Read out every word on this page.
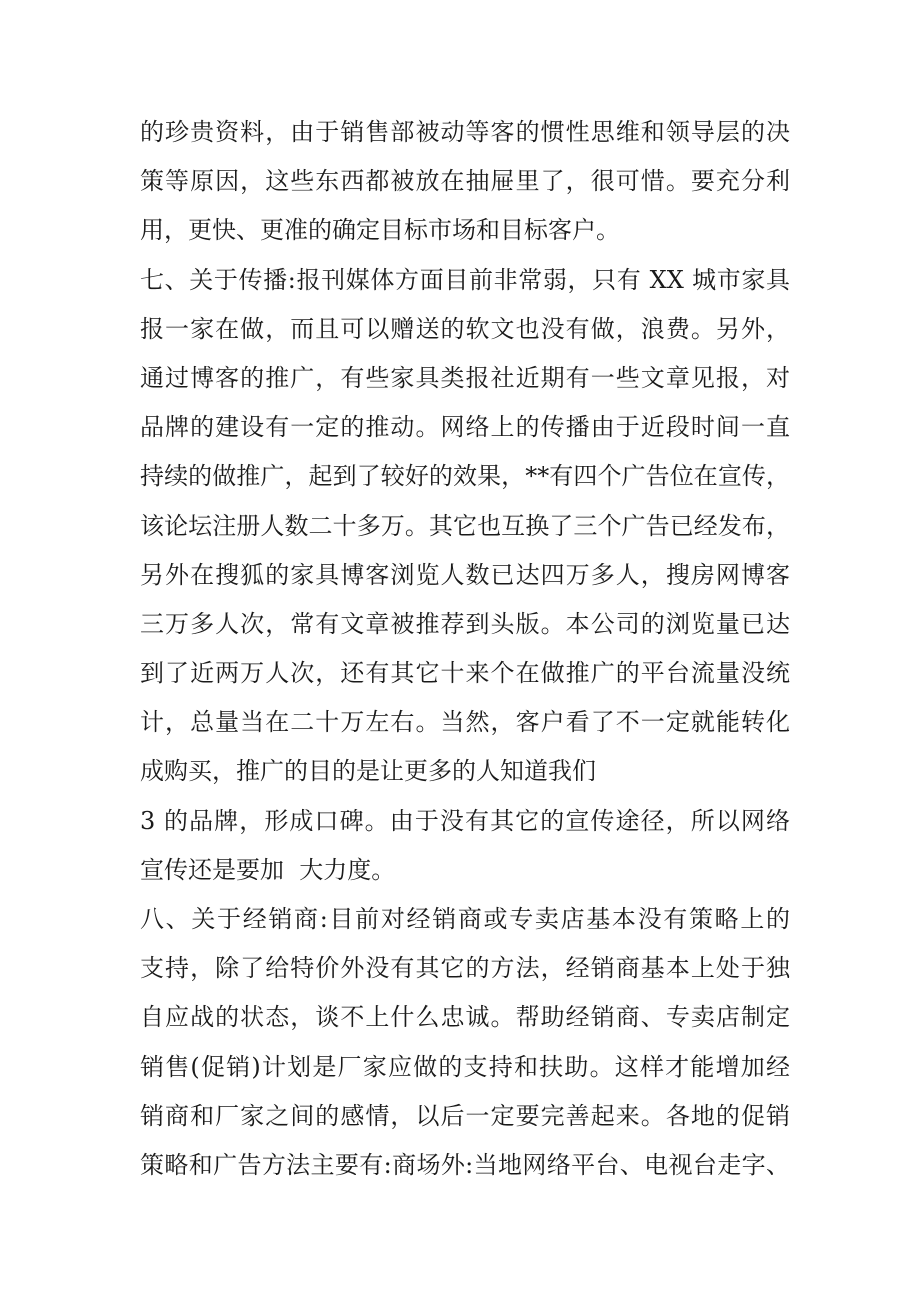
的珍贵资料，由于销售部被动等客的惯性思维和领导层的决
策等原因，这些东西都被放在抽屉里了，很可惜。要充分利
用，更快、更准的确定目标市场和目标客户。
七、关于传播:报刊媒体方面目前非常弱，只有 XX 城市家具
报一家在做，而且可以赠送的软文也没有做，浪费。另外，
通过博客的推广，有些家具类报社近期有一些文章见报，对
品牌的建设有一定的推动。网络上的传播由于近段时间一直
持续的做推广，起到了较好的效果，**有四个广告位在宣传，
该论坛注册人数二十多万。其它也互换了三个广告已经发布，
另外在搜狐的家具博客浏览人数已达四万多人，搜房网博客
三万多人次，常有文章被推荐到头版。本公司的浏览量已达
到了近两万人次，还有其它十来个在做推广的平台流量没统
计，总量当在二十万左右。当然，客户看了不一定就能转化
成购买，推广的目的是让更多的人知道我们
3 的品牌，形成口碑。由于没有其它的宣传途径，所以网络
宣传还是要加  大力度。
八、关于经销商:目前对经销商或专卖店基本没有策略上的
支持，除了给特价外没有其它的方法，经销商基本上处于独
自应战的状态，谈不上什么忠诚。帮助经销商、专卖店制定
销售(促销)计划是厂家应做的支持和扶助。这样才能增加经
销商和厂家之间的感情，以后一定要完善起来。各地的促销
策略和广告方法主要有:商场外:当地网络平台、电视台走字、
